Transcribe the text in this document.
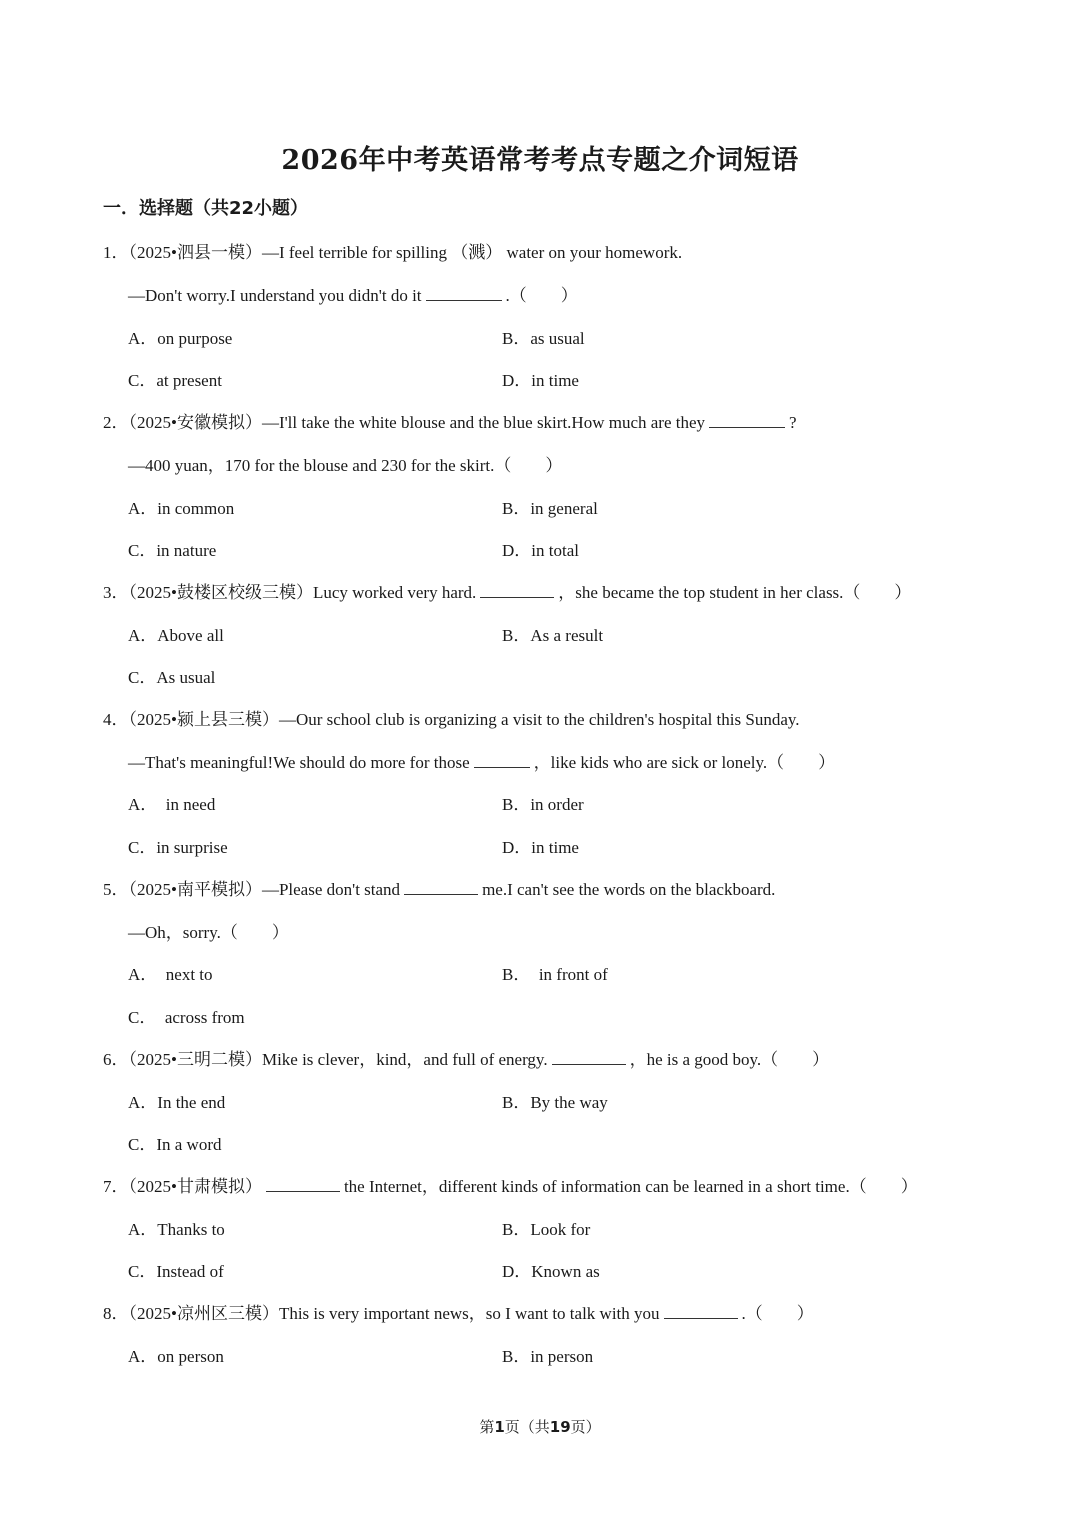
2026年中考英语常考考点专题之介词短语
一．选择题（共22小题）
1．（2025•泗县一模）—I feel terrible for spilling （溅） water on your homework.
—Don't worry.I understand you didn't do it	.（　　）
A．on purpose	B．as usual
C．at present	D．in time
2．（2025•安徽模拟）—I'll take the white blouse and the blue skirt.How much are they	?
—400 yuan，170 for the blouse and 230 for the skirt.（　　）
A．in common	B．in general
C．in nature	D．in total
3．（2025•鼓楼区校级三模）Lucy worked very hard.	，she became the top student in her class.（　　）
A．Above all	B．As a result
C．As usual
4．（2025•颍上县三模）—Our school club is organizing a visit to the children's hospital this Sunday.
—That's meaningful!We should do more for those	，like kids who are sick or lonely.（　　）
A．　in need	B．in order
C．in surprise	D．in time
5．（2025•南平模拟）—Please don't stand	me.I can't see the words on the blackboard.
—Oh，sorry.（　　）
A．　next to	B．　in front of
C．　across from
6．（2025•三明二模）Mike is clever，kind，and full of energy.	，he is a good boy.（　　）
A．In the end	B．By the way
C．In a word
7．（2025•甘肃模拟）	the Internet，different kinds of information can be learned in a short time.（　　）
A．Thanks to	B．Look for
C．Instead of	D．Known as
8．（2025•凉州区三模）This is very important news，so I want to talk with you	.（　　）
A．on person	B．in person
第1页（共19页）
